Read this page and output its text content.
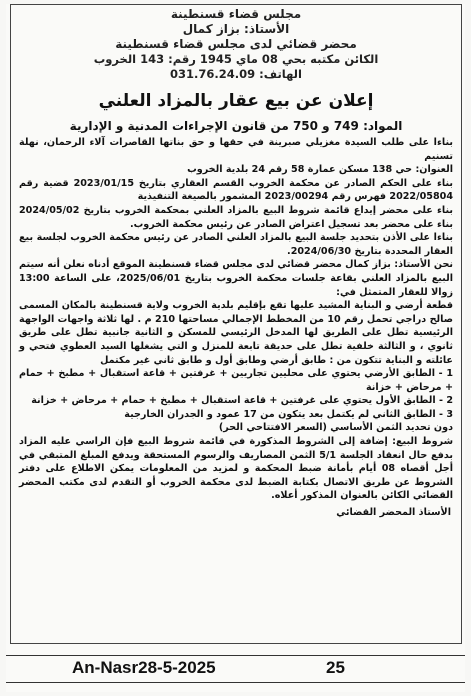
مجلس قضاء قسنطينة
الأستاذ: بزاز كمال
محضر قضائي لدى مجلس قضاء قسنطينة
الكائن مكتبه بحي 08 ماي 1945 رقم: 143 الخروب
الهاتف: 031.76.24.09
إعلان عن بيع عقار بالمزاد العلني
المواد: 749 و 750 من قانون الإجراءات المدنية و الإدارية

بناءا على طلب السيدة مغزيلي صبرينة في حقها و حق بناتها القاصرات آلاء الرحمان، نهلة تسنيم

العنوان: حي 138 مسكن عمارة 58 رقم 24 بلدية الخروب

بناء على الحكم الصادر عن محكمة الخروب القسم العقاري بتاريخ 2023/01/15 قضية رقم 2022/05804 فهرس رقم 2023/00294 المشمور بالصيغة التنفيذية

بناء على محضر إيداع قائمة شروط البيع بالمزاد العلني بمحكمة الخروب بتاريخ 2024/05/02 بناء على محضر بعد تسجيل اعتراض الصادر عن رئيس محكمة الخروب.

بناءا على الأذن بتحديد جلسة البيع بالمزاد العلني الصادر عن رئيس محكمة الخروب لجلسة بيع العقار المحددة بتاريخ 2024/06/30.

نحن الأستاذ: بزاز كمال محضر قضائي لدى مجلس قضاء قسنطينة الموقع أدناه نعلن أنه سيتم البيع بالمزاد العلني بقاعة جلسات محكمة الخروب بتاريخ 2025/06/01، على الساعة 13:00 زوالا للعقار المتمثل في:

قطعة أرضي و البناية المشيد عليها تقع بإقليم بلدية الخروب ولاية قسنطينة بالمكان المسمى صالح دراجي تحمل رقم 10 من المخطط الإجمالي مساحتها 210 م . لها ثلاثة واجهات الواجهة الرئيسية تطل على الطريق لها المدخل الرئيسي للمسكن و الثانية جانبية تطل على طريق ثانوي ، و الثالثة خلفية تطل على حديقة تابعة للمنزل و التي يشغلها السيد العطوي فتحي و عائلته و البناية تتكون من : طابق أرضي وطابق أول و طابق ثاني غير مكتمل

1 - الطابق الأرضي يحتوي على محليين تجاريين + غرفتين + قاعة استقبال + مطبخ + حمام + مرحاض + خزانة

2 - الطابق الأول يحتوي على غرفتين + قاعة استقبال + مطبخ + حمام + مرحاض + خزانة

3 - الطابق الثاني لم يكتمل بعد يتكون من 17 عمود و الجدران الخارجية

دون تحديد الثمن الأساسي (السعر الافتتاحي الحر)

شروط البيع: إضافة إلى الشروط المذكورة في قائمة شروط البيع فإن الراسي عليه المزاد بدفع حال انعقاد الجلسة 5/1 الثمن المصاريف والرسوم المستحقة ويدفع المبلغ المتبقي في أجل أقصاه 08 أيام بأمانة ضبط المحكمة و لمزيد من المعلومات يمكن الاطلاع على دفتر الشروط عن طريق الاتصال بكتابة الضبط لدى محكمة الخروب أو التقدم لدى مكتب المحضر القضائي الكائن بالعنوان المذكور أعلاه.

الأستاذ المحضر القضائي
An-Nasr28-5-2025	25
